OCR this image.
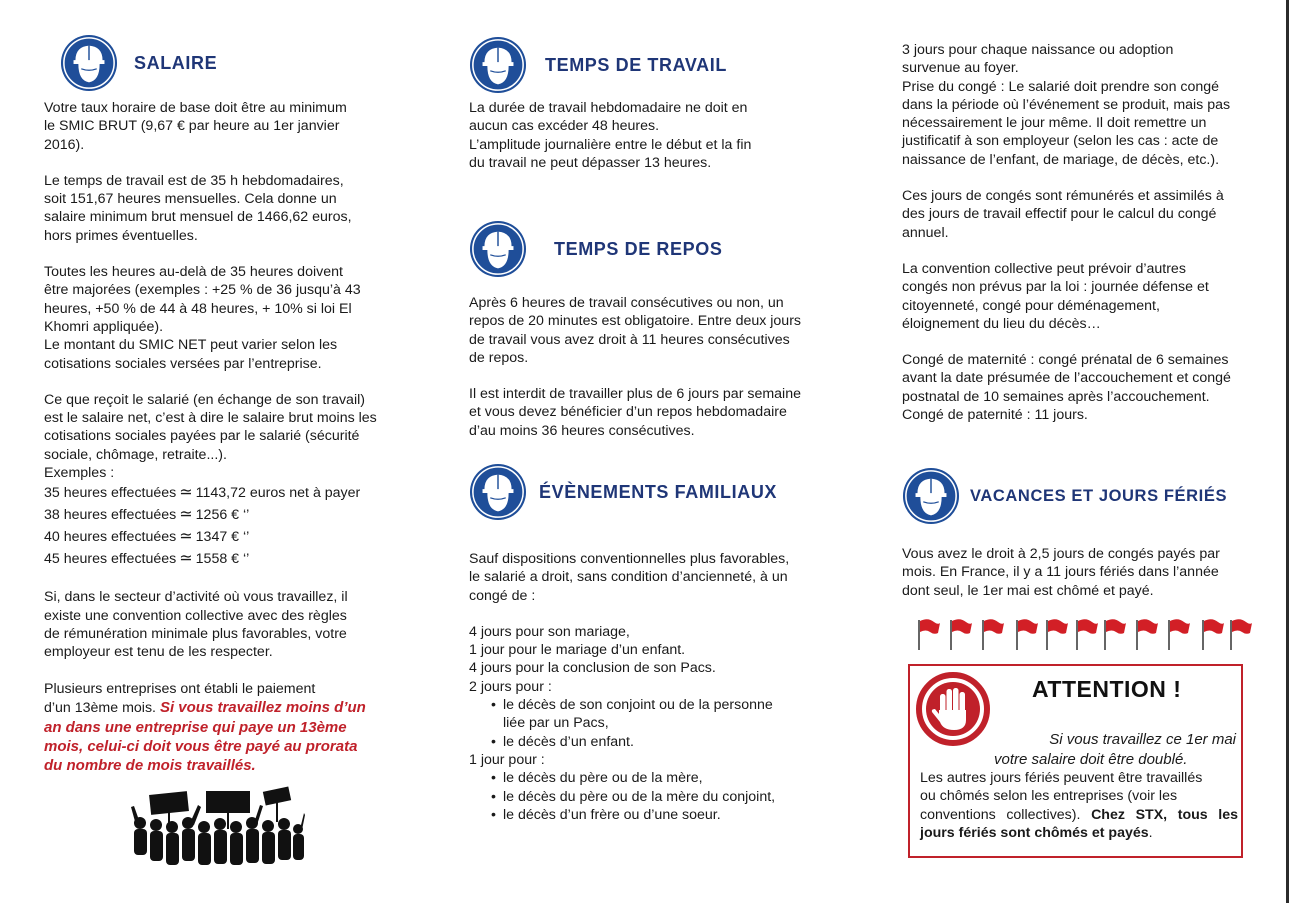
SALAIRE

Votre taux horaire de base doit être au minimum

le SMIC BRUT (9,67 € par heure au 1er janvier

2016).

Le temps de travail est de 35 h hebdomadaires,

soit 151,67 heures mensuelles. Cela donne un

salaire minimum brut mensuel de 1466,62 euros,

hors primes éventuelles.

Toutes les heures au-delà de 35 heures doivent

être majorées (exemples : +25 % de 36 jusqu’à 43

heures, +50 % de 44 à 48 heures, + 10% si loi El

Khomri appliquée).

Le montant du SMIC NET peut varier selon les

cotisations sociales versées par l’entreprise.

Ce que reçoit le salarié (en échange de son travail)

est le salaire net, c’est à dire le salaire brut moins les

cotisations sociales payées par le salarié (sécurité

sociale, chômage, retraite...).

Exemples :

35 heures effectuées ≃ 1143,72 euros net à payer
38 heures effectuées ≃ 1256 € ‘’
40 heures effectuées ≃ 1347 € ‘’
45 heures effectuées ≃ 1558 € ‘’

Si, dans le secteur d’activité où vous travaillez, il

existe une convention collective avec des règles

de rémunération minimale plus favorables, votre

employeur est tenu de les respecter.

Plusieurs entreprises ont établi le paiement

d’un 13ème mois. Si vous travaillez moins d’un

an dans une entreprise qui paye un 13ème

mois, celui-ci doit vous être payé au prorata

du nombre de mois travaillés.

TEMPS DE TRAVAIL

La durée de travail hebdomadaire ne doit en

aucun cas excéder 48 heures.

L’amplitude journalière entre le début et la fin

du travail ne peut dépasser 13 heures.

TEMPS DE REPOS

Après 6 heures de travail consécutives ou non, un

repos de 20 minutes est obligatoire. Entre deux jours

de travail vous avez droit à 11 heures consécutives

de repos.

Il est interdit de travailler plus de 6 jours par semaine

et vous devez bénéficier d’un repos hebdomadaire

d’au moins 36 heures consécutives.

ÉVÈNEMENTS FAMILIAUX

Sauf dispositions conventionnelles plus favorables,

le salarié a droit, sans condition d’ancienneté, à un

congé de :

4 jours pour son mariage,

1 jour pour le mariage d’un enfant.

4 jours pour la conclusion de son Pacs.

2 jours pour :

• le décès de son conjoint ou de la personne
liée par un Pacs,
• le décès d’un enfant.

1 jour pour :

• le décès du père ou de la mère,
• le décès du père ou de la mère du conjoint,
• le décès d’un frère ou d’une soeur.

3 jours pour chaque naissance ou adoption

survenue au foyer.

Prise du congé : Le salarié doit prendre son congé

dans la période où l’événement se produit, mais pas

nécessairement le jour même. Il doit remettre un

justificatif à son employeur (selon les cas : acte de

naissance de l’enfant, de mariage, de décès, etc.).

Ces jours de congés sont rémunérés et assimilés à

des jours de travail effectif pour le calcul du congé

annuel.

La convention collective peut prévoir d’autres

congés non prévus par la loi : journée défense et

citoyenneté, congé pour déménagement,

éloignement du lieu du décès…

Congé de maternité : congé prénatal de 6 semaines

avant la date présumée de l’accouchement et congé

postnatal de 10 semaines après l’accouchement.

Congé de paternité : 11 jours.

VACANCES ET JOURS FÉRIÉS

Vous avez le droit à 2,5 jours de congés payés par

mois. En France, il y a 11 jours fériés dans l’année

dont seul, le 1er mai est chômé et payé.

ATTENTION !
Si vous travaillez ce 1er mai
votre salaire doit être doublé.

Les autres jours fériés peuvent être travaillés

ou chômés selon les entreprises (voir les

conventions collectives). Chez STX, tous les

jours fériés sont chômés et payés.
